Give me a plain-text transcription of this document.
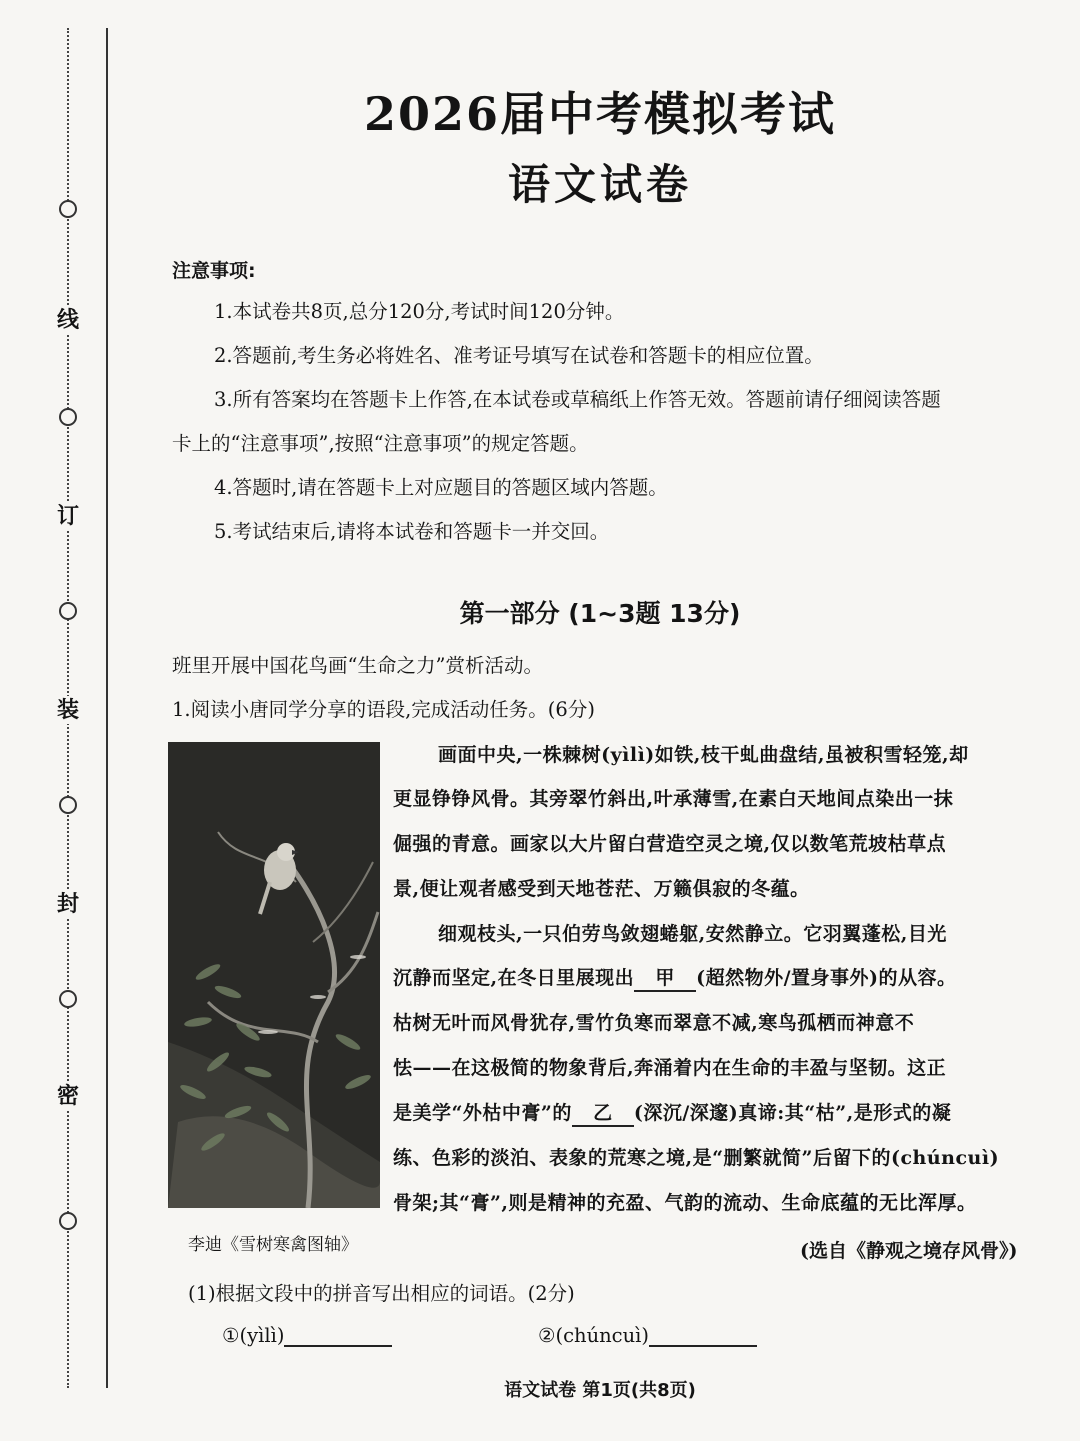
线
订
装
封
密
2026届中考模拟考试
语文试卷
注意事项:
1.本试卷共8页,总分120分,考试时间120分钟。
2.答题前,考生务必将姓名、准考证号填写在试卷和答题卡的相应位置。
3.所有答案均在答题卡上作答,在本试卷或草稿纸上作答无效。答题前请仔细阅读答题
卡上的“注意事项”,按照“注意事项”的规定答题。
4.答题时,请在答题卡上对应题目的答题区域内答题。
5.考试结束后,请将本试卷和答题卡一并交回。
第一部分 (1~3题 13分)
班里开展中国花鸟画“生命之力”赏析活动。
1.阅读小唐同学分享的语段,完成活动任务。(6分)
画面中央,一株棘树(yìlì)如铁,枝干虬曲盘结,虽被积雪轻笼,却
更显铮铮风骨。其旁翠竹斜出,叶承薄雪,在素白天地间点染出一抹
倔强的青意。画家以大片留白营造空灵之境,仅以数笔荒坡枯草点
景,便让观者感受到天地苍茫、万籁俱寂的冬蕴。
细观枝头,一只伯劳鸟敛翅蜷躯,安然静立。它羽翼蓬松,目光
沉静而坚定,在冬日里展现出 甲 (超然物外/置身事外)的从容。
枯树无叶而风骨犹存,雪竹负寒而翠意不减,寒鸟孤栖而神意不
怯——在这极简的物象背后,奔涌着内在生命的丰盈与坚韧。这正
是美学“外枯中膏”的 乙 (深沉/深邃)真谛:其“枯”,是形式的凝
练、色彩的淡泊、表象的荒寒之境,是“删繁就简”后留下的(chúncuì)
骨架;其“膏”,则是精神的充盈、气韵的流动、生命底蕴的无比浑厚。
李迪《雪树寒禽图轴》	(选自《静观之境存风骨》)
(1)根据文段中的拼音写出相应的词语。(2分)
①(yìlì)	②(chúncuì)
语文试卷 第1页(共8页)
